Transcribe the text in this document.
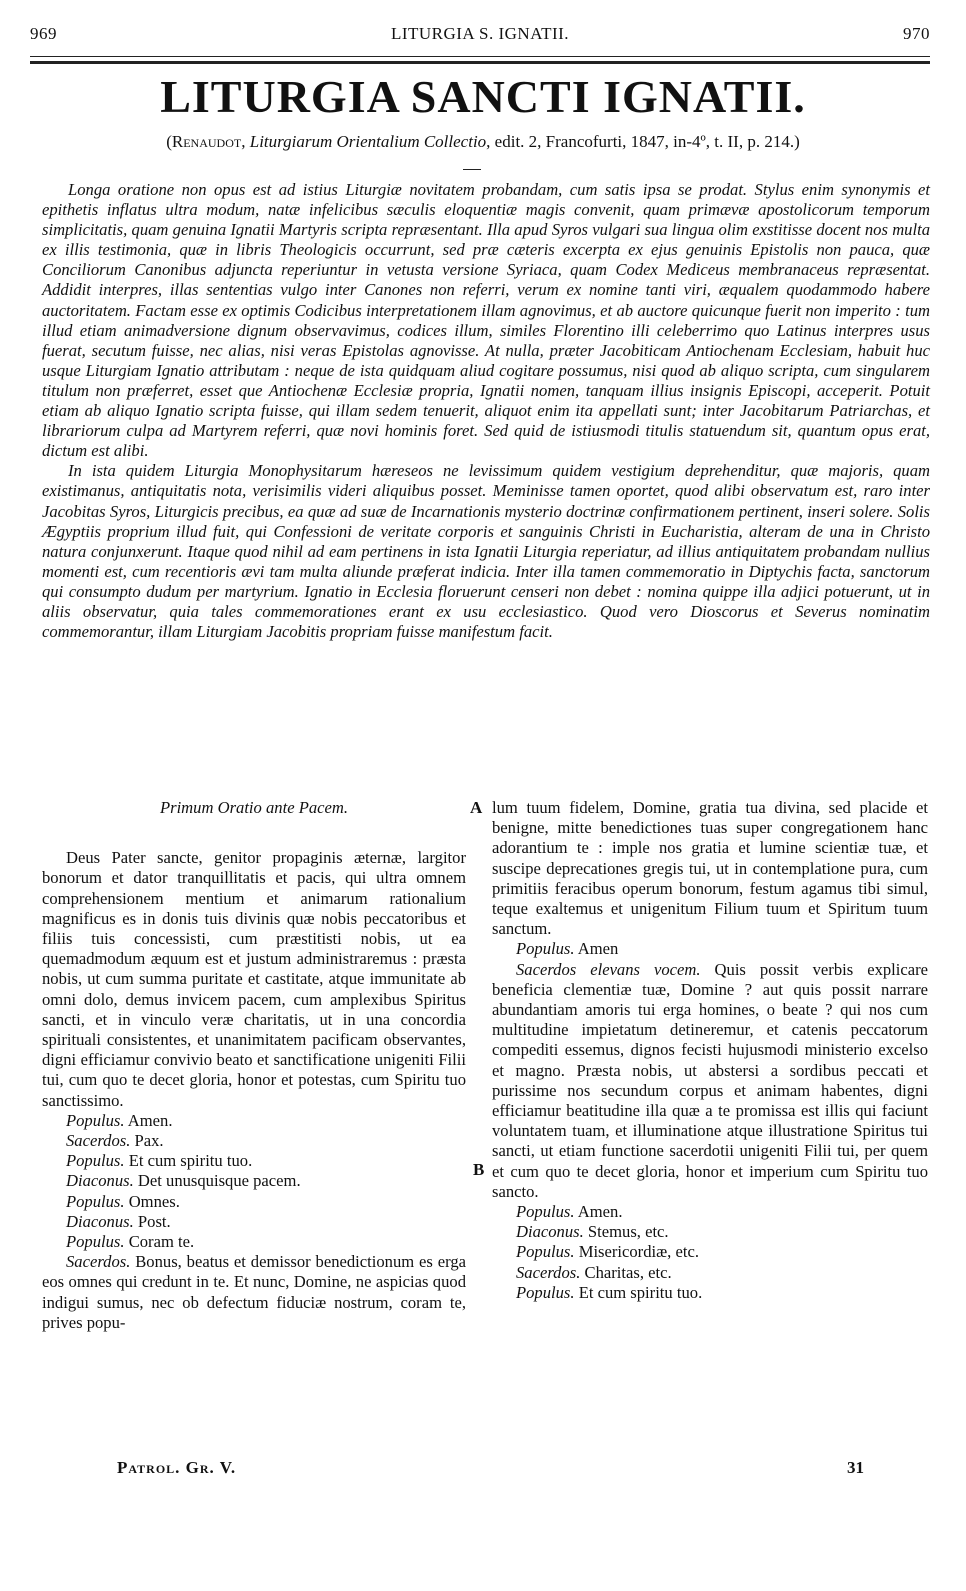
969	LITURGIA S. IGNATII.	970
LITURGIA SANCTI IGNATII.
(Renaudot, Liturgiarum Orientalium Collectio, edit. 2, Francofurti, 1847, in-4º, t. II, p. 214.)

Longa oratione non opus est ad istius Liturgiæ novitatem probandam, cum satis ipsa se prodat. Stylus enim synonymis et epithetis inflatus ultra modum, natæ infelicibus sæculis eloquentiæ magis convenit, quam primævæ apostolicorum temporum simplicitatis, quam genuina Ignatii Martyris scripta repræsentant. Illa apud Syros vulgari sua lingua olim exstitisse docent nos multa ex illis testimonia, quæ in libris Theologicis occurrunt, sed præ cæteris excerpta ex ejus genuinis Epistolis non pauca, quæ Conciliorum Canonibus adjuncta reperiuntur in vetusta versione Syriaca, quam Codex Mediceus membranaceus repræsentat. Addidit interpres, illas sententias vulgo inter Canones non referri, verum ex nomine tanti viri, æqualem quodammodo habere auctoritatem. Factam esse ex optimis Codicibus interpretationem illam agnovimus, et ab auctore quicunque fuerit non imperito : tum illud etiam animadversione dignum observavimus, codices illum, similes Florentino illi celeberrimo quo Latinus interpres usus fuerat, secutum fuisse, nec alias, nisi veras Epistolas agnovisse. At nulla, præter Jacobiticam Antiochenam Ecclesiam, habuit huc usque Liturgiam Ignatio attributam : neque de ista quidquam aliud cogitare possumus, nisi quod ab aliquo scripta, cum singularem titulum non præferret, esset que Antiochenæ Ecclesiæ propria, Ignatii nomen, tanquam illius insignis Episcopi, acceperit. Potuit etiam ab aliquo Ignatio scripta fuisse, qui illam sedem tenuerit, aliquot enim ita appellati sunt; inter Jacobitarum Patriarchas, et librariorum culpa ad Martyrem referri, quæ novi hominis foret. Sed quid de istiusmodi titulis statuendum sit, quantum opus erat, dictum est alibi.

In ista quidem Liturgia Monophysitarum hæreseos ne levissimum quidem vestigium deprehenditur, quæ majoris, quam existimanus, antiquitatis nota, verisimilis videri aliquibus posset. Meminisse tamen oportet, quod alibi observatum est, raro inter Jacobitas Syros, Liturgicis precibus, ea quæ ad suæ de Incarnationis mysterio doctrinæ confirmationem pertinent, inseri solere. Solis Ægyptiis proprium illud fuit, qui Confessioni de veritate corporis et sanguinis Christi in Eucharistia, alteram de una in Christo natura conjunxerunt. Itaque quod nihil ad eam pertinens in ista Ignatii Liturgia reperiatur, ad illius antiquitatem probandam nullius momenti est, cum recentioris ævi tam multa aliunde præferat indicia. Inter illa tamen commemoratio in Diptychis facta, sanctorum qui consumpto dudum per martyrium. Ignatio in Ecclesia floruerunt censeri non debet : nomina quippe illa adjici potuerunt, ut in aliis observatur, quia tales commemorationes erant ex usu ecclesiastico. Quod vero Dioscorus et Severus nominatim commemorantur, illam Liturgiam Jacobitis propriam fuisse manifestum facit.

Primum Oratio ante Pacem.

Deus Pater sancte, genitor propaginis æternæ, largitor bonorum et dator tranquillitatis et pacis, qui ultra omnem comprehensionem mentium et animarum rationalium magnificus es in donis tuis divinis quæ nobis peccatoribus et filiis tuis concessisti, cum præstitisti nobis, ut ea quemadmodum æquum est et justum administraremus : præsta nobis, ut cum summa puritate et castitate, atque immunitate ab omni dolo, demus invicem pacem, cum amplexibus Spiritus sancti, et in vinculo veræ charitatis, ut in una concordia spirituali consistentes, et unanimitatem pacificam observantes, digni efficiamur convivio beato et sanctificatione unigeniti Filii tui, cum quo te decet gloria, honor et potestas, cum Spiritu tuo sanctissimo.

Populus. Amen.

Sacerdos. Pax.

Populus. Et cum spiritu tuo.

Diaconus. Det unusquisque pacem.

Populus. Omnes.

Diaconus. Post.

Populus. Coram te.

Sacerdos. Bonus, beatus et demissor benedictionum es erga eos omnes qui credunt in te. Et nunc, Domine, ne aspicias quod indigui sumus, nec ob defectum fiduciæ nostrum, coram te, prives popu-

A
B

lum tuum fidelem, Domine, gratia tua divina, sed placide et benigne, mitte benedictiones tuas super congregationem hanc adorantium te : imple nos gratia et lumine scientiæ tuæ, et suscipe deprecationes gregis tui, ut in contemplatione pura, cum primitiis feracibus operum bonorum, festum agamus tibi simul, teque exaltemus et unigenitum Filium tuum et Spiritum tuum sanctum.

Populus. Amen

Sacerdos elevans vocem. Quis possit verbis explicare beneficia clementiæ tuæ, Domine ? aut quis possit narrare abundantiam amoris tui erga homines, o beate ? qui nos cum multitudine impietatum detineremur, et catenis peccatorum compediti essemus, dignos fecisti hujusmodi ministerio excelso et magno. Præsta nobis, ut abstersi a sordibus peccati et purissime nos secundum corpus et animam habentes, digni efficiamur beatitudine illa quæ a te promissa est illis qui faciunt voluntatem tuam, et illuminatione atque illustratione Spiritus tui sancti, ut etiam functione sacerdotii unigeniti Filii tui, per quem et cum quo te decet gloria, honor et imperium cum Spiritu tuo sancto.

Populus. Amen.

Diaconus. Stemus, etc.

Populus. Misericordiæ, etc.

Sacerdos. Charitas, etc.

Populus. Et cum spiritu tuo.

Patrol. Gr. V.	31
